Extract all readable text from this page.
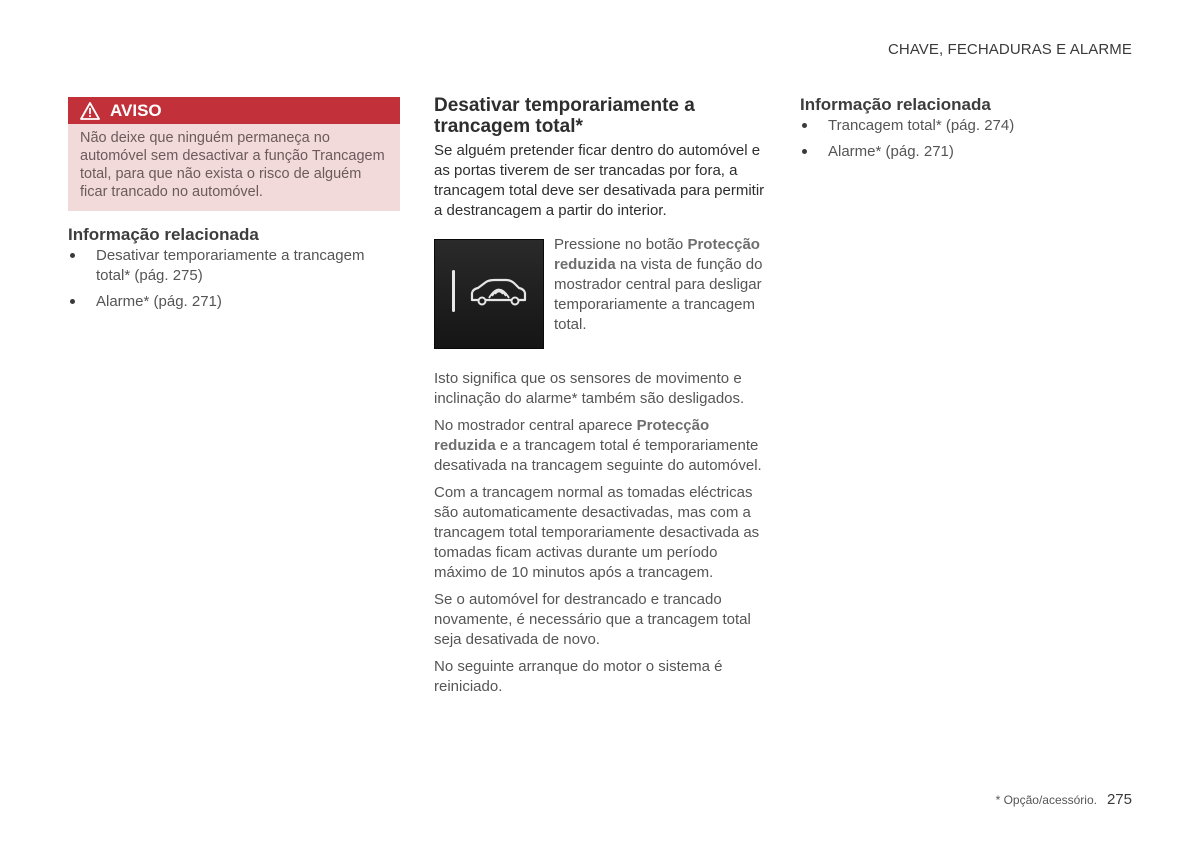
CHAVE, FECHADURAS E ALARME
AVISO

Não deixe que ninguém permaneça no automóvel sem desactivar a função Trancagem total, para que não exista o risco de alguém ficar trancado no automóvel.

Informação relacionada
Desativar temporariamente a trancagem total* (pág. 275)
Alarme* (pág. 271)
Desativar temporariamente a trancagem total*

Se alguém pretender ficar dentro do automóvel e as portas tiverem de ser trancadas por fora, a trancagem total deve ser desativada para permitir a destrancagem a partir do interior.

Pressione no botão Protecção reduzida na vista de função do mostrador central para desligar temporariamente a trancagem total.

Isto significa que os sensores de movimento e inclinação do alarme* também são desligados.

No mostrador central aparece Protecção reduzida e a trancagem total é temporariamente desativada na trancagem seguinte do automóvel.

Com a trancagem normal as tomadas eléctricas são automaticamente desactivadas, mas com a trancagem total temporariamente desactivada as tomadas ficam activas durante um período máximo de 10 minutos após a trancagem.

Se o automóvel for destrancado e trancado novamente, é necessário que a trancagem total seja desativada de novo.

No seguinte arranque do motor o sistema é reiniciado.

Informação relacionada
Trancagem total* (pág. 274)
Alarme* (pág. 271)
* Opção/acessório. 275
